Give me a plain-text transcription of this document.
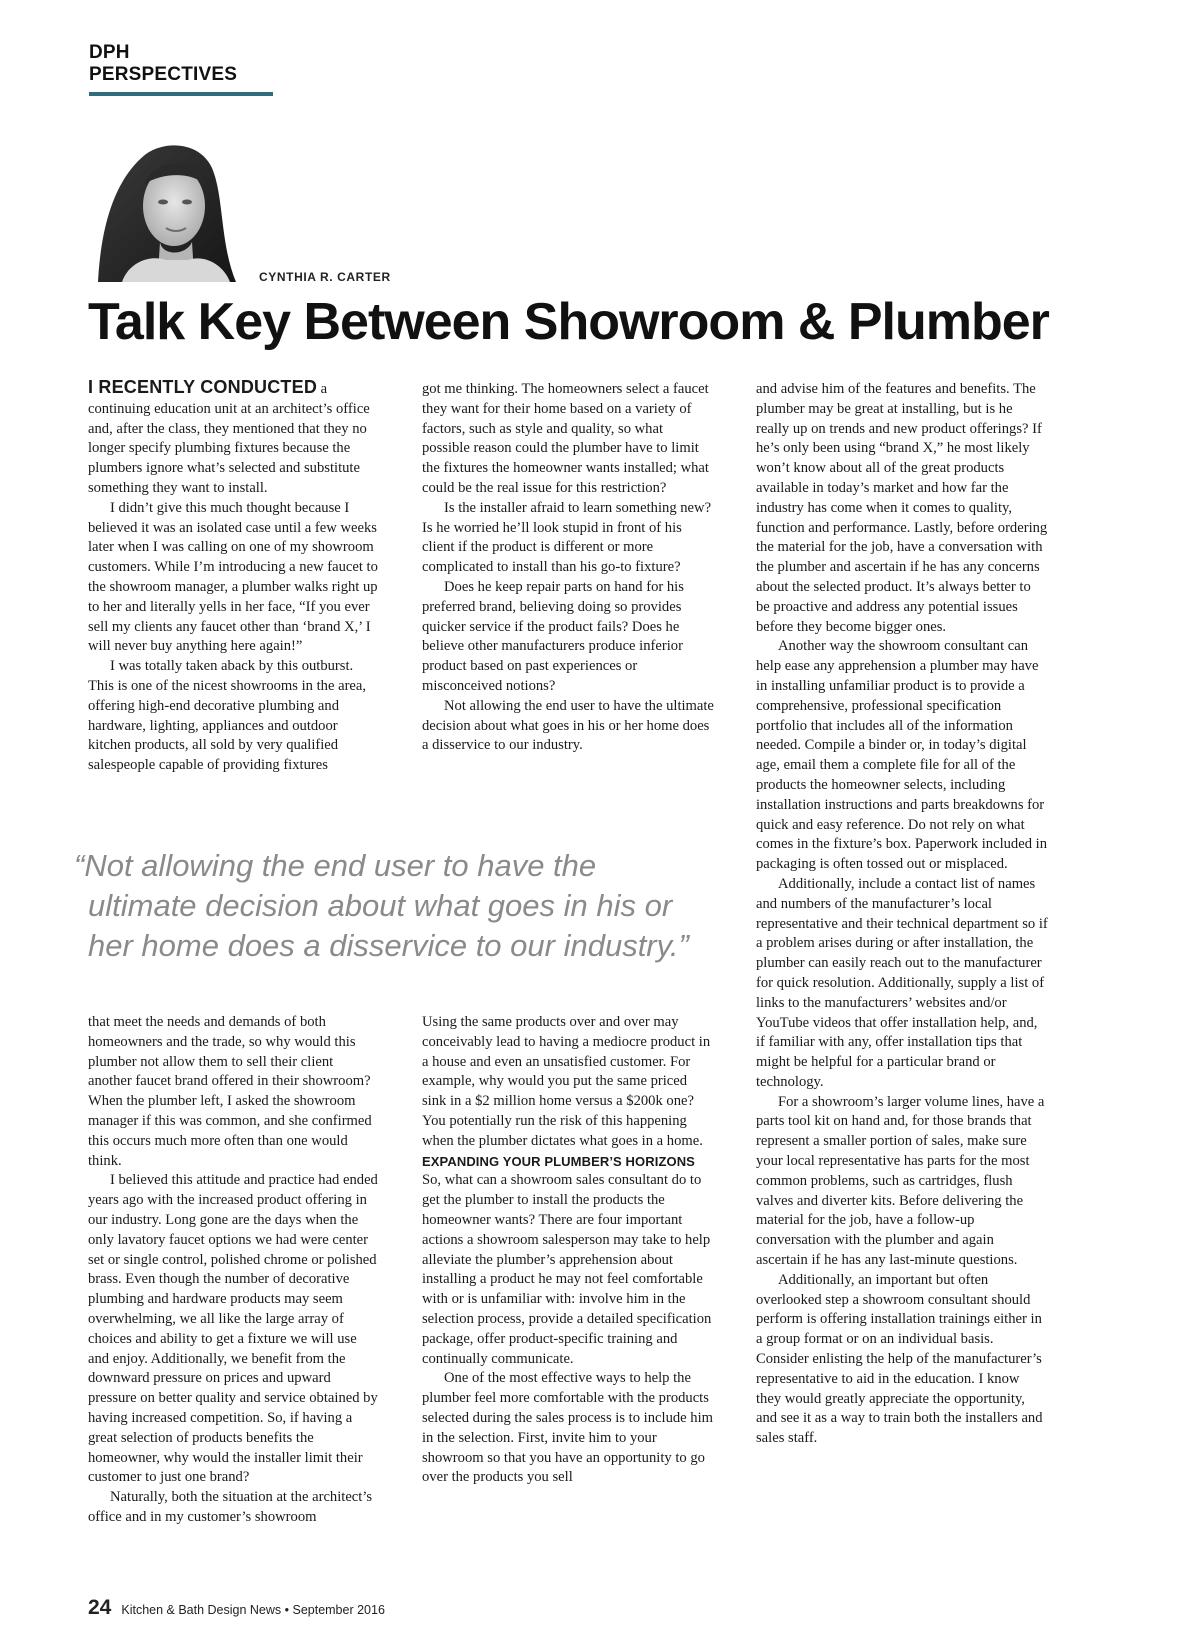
DPH PERSPECTIVES
CYNTHIA R. CARTER
Talk Key Between Showroom & Plumber

I RECENTLY CONDUCTED a continuing education unit at an architect’s office and, after the class, they mentioned that they no longer specify plumbing fixtures because the plumbers ignore what’s selected and substitute something they want to install.

I didn’t give this much thought because I believed it was an isolated case until a few weeks later when I was calling on one of my showroom customers. While I’m introducing a new faucet to the showroom manager, a plumber walks right up to her and literally yells in her face, “If you ever sell my clients any faucet other than ‘brand X,’ I will never buy anything here again!”

I was totally taken aback by this outburst. This is one of the nicest showrooms in the area, offering high-end decorative plumbing and hardware, lighting, appliances and outdoor kitchen products, all sold by very qualified salespeople capable of providing fixtures

got me thinking. The homeowners select a faucet they want for their home based on a variety of factors, such as style and quality, so what possible reason could the plumber have to limit the fixtures the homeowner wants installed; what could be the real issue for this restriction?

Is the installer afraid to learn something new? Is he worried he’ll look stupid in front of his client if the product is different or more complicated to install than his go-to fixture?

Does he keep repair parts on hand for his preferred brand, believing doing so provides quicker service if the product fails? Does he believe other manufacturers produce inferior product based on past experiences or misconceived notions?

Not allowing the end user to have the ultimate decision about what goes in his or her home does a disservice to our industry.

“Not allowing the end user to have the ultimate decision about what goes in his or her home does a disservice to our industry.”

that meet the needs and demands of both homeowners and the trade, so why would this plumber not allow them to sell their client another faucet brand offered in their showroom? When the plumber left, I asked the showroom manager if this was common, and she confirmed this occurs much more often than one would think.

I believed this attitude and practice had ended years ago with the increased product offering in our industry. Long gone are the days when the only lavatory faucet options we had were center set or single control, polished chrome or polished brass. Even though the number of decorative plumbing and hardware products may seem overwhelming, we all like the large array of choices and ability to get a fixture we will use and enjoy. Additionally, we benefit from the downward pressure on prices and upward pressure on better quality and service obtained by having increased competition. So, if having a great selection of products benefits the homeowner, why would the installer limit their customer to just one brand?

Naturally, both the situation at the architect’s office and in my customer’s showroom

Using the same products over and over may conceivably lead to having a mediocre product in a house and even an unsatisfied customer. For example, why would you put the same priced sink in a $2 million home versus a $200k one? You potentially run the risk of this happening when the plumber dictates what goes in a home.

EXPANDING YOUR PLUMBER’S HORIZONS

So, what can a showroom sales consultant do to get the plumber to install the products the homeowner wants? There are four important actions a showroom salesperson may take to help alleviate the plumber’s apprehension about installing a product he may not feel comfortable with or is unfamiliar with: involve him in the selection process, provide a detailed specification package, offer product-specific training and continually communicate.

One of the most effective ways to help the plumber feel more comfortable with the products selected during the sales process is to include him in the selection. First, invite him to your showroom so that you have an opportunity to go over the products you sell

and advise him of the features and benefits. The plumber may be great at installing, but is he really up on trends and new product offerings? If he’s only been using “brand X,” he most likely won’t know about all of the great products available in today’s market and how far the industry has come when it comes to quality, function and performance. Lastly, before ordering the material for the job, have a conversation with the plumber and ascertain if he has any concerns about the selected product. It’s always better to be proactive and address any potential issues before they become bigger ones.

Another way the showroom consultant can help ease any apprehension a plumber may have in installing unfamiliar product is to provide a comprehensive, professional specification portfolio that includes all of the information needed. Compile a binder or, in today’s digital age, email them a complete file for all of the products the homeowner selects, including installation instructions and parts breakdowns for quick and easy reference. Do not rely on what comes in the fixture’s box. Paperwork included in packaging is often tossed out or misplaced.

Additionally, include a contact list of names and numbers of the manufacturer’s local representative and their technical department so if a problem arises during or after installation, the plumber can easily reach out to the manufacturer for quick resolution. Additionally, supply a list of links to the manufacturers’ websites and/or YouTube videos that offer installation help, and, if familiar with any, offer installation tips that might be helpful for a particular brand or technology.

For a showroom’s larger volume lines, have a parts tool kit on hand and, for those brands that represent a smaller portion of sales, make sure your local representative has parts for the most common problems, such as cartridges, flush valves and diverter kits. Before delivering the material for the job, have a follow-up conversation with the plumber and again ascertain if he has any last-minute questions.

Additionally, an important but often overlooked step a showroom consultant should perform is offering installation trainings either in a group format or on an individual basis. Consider enlisting the help of the manufacturer’s representative to aid in the education. I know they would greatly appreciate the opportunity, and see it as a way to train both the installers and sales staff.

24 Kitchen & Bath Design News • September 2016
